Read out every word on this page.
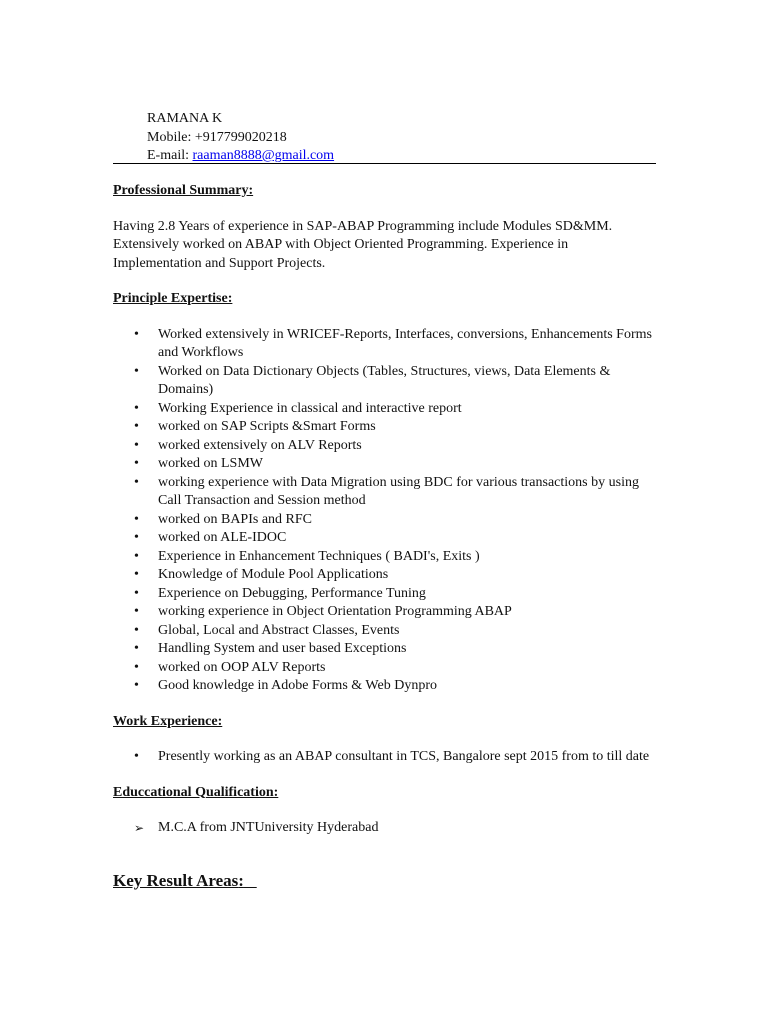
RAMANA K
Mobile: +917799020218
E-mail: raaman8888@gmail.com
Professional Summary:

Having 2.8 Years of experience in SAP-ABAP Programming include Modules SD&MM. Extensively worked on ABAP with Object Oriented Programming. Experience in Implementation and Support Projects.

Principle Expertise:
• Worked extensively in WRICEF-Reports, Interfaces, conversions, Enhancements Forms and Workflows
• Worked on Data Dictionary Objects (Tables, Structures, views, Data Elements & Domains)
• Working Experience in classical and interactive report
• worked on SAP Scripts &Smart Forms
• worked extensively on ALV Reports
• worked on LSMW
• working experience with Data Migration using BDC for various transactions by using Call Transaction and Session method
• worked on BAPIs and RFC
• worked on ALE-IDOC
• Experience in Enhancement Techniques ( BADI's, Exits )
• Knowledge of Module Pool Applications
• Experience on Debugging, Performance Tuning
• working experience in Object Orientation Programming ABAP
• Global, Local and Abstract Classes, Events
• Handling System and user based Exceptions
• worked on OOP ALV Reports
• Good knowledge in Adobe Forms & Web Dynpro
Work Experience:
• Presently working as an ABAP consultant in TCS, Bangalore sept 2015 from to till date
Educcational Qualification:
➢ M.C.A from JNTUniversity Hyderabad
Key Result Areas:
